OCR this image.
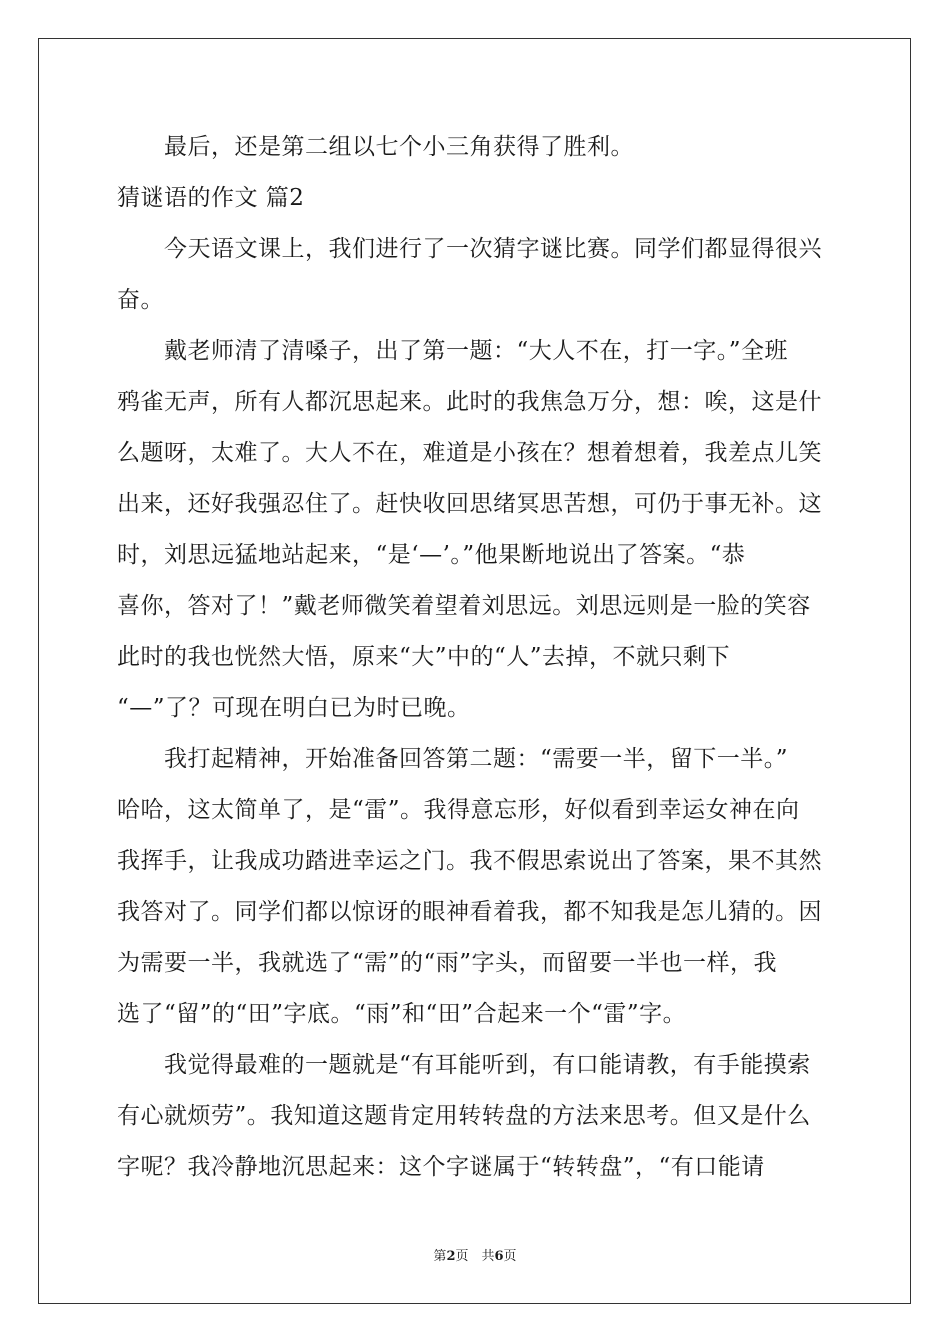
最后，还是第二组以七个小三角获得了胜利。
猜谜语的作文 篇2
今天语文课上，我们进行了一次猜字谜比赛。同学们都显得很兴
奋。
戴老师清了清嗓子，出了第一题：“大人不在，打一字。”全班
鸦雀无声，所有人都沉思起来。此时的我焦急万分，想：唉，这是什
么题呀，太难了。大人不在，难道是小孩在？想着想着，我差点儿笑
出来，还好我强忍住了。赶快收回思绪冥思苦想，可仍于事无补。这
时，刘思远猛地站起来，“是‘—’。”他果断地说出了答案。“恭
喜你，答对了！”戴老师微笑着望着刘思远。刘思远则是一脸的笑容
此时的我也恍然大悟，原来“大”中的“人”去掉，不就只剩下
“—”了？可现在明白已为时已晚。
我打起精神，开始准备回答第二题：“需要一半，留下一半。”
哈哈，这太简单了，是“雷”。我得意忘形，好似看到幸运女神在向
我挥手，让我成功踏进幸运之门。我不假思索说出了答案，果不其然
我答对了。同学们都以惊讶的眼神看着我，都不知我是怎儿猜的。因
为需要一半，我就选了“需”的“雨”字头，而留要一半也一样，我
选了“留”的“田”字底。“雨”和“田”合起来一个“雷”字。
我觉得最难的一题就是“有耳能听到，有口能请教，有手能摸索
有心就烦劳”。我知道这题肯定用转转盘的方法来思考。但又是什么
字呢？我冷静地沉思起来：这个字谜属于“转转盘”，“有口能请
第2页　共6页
